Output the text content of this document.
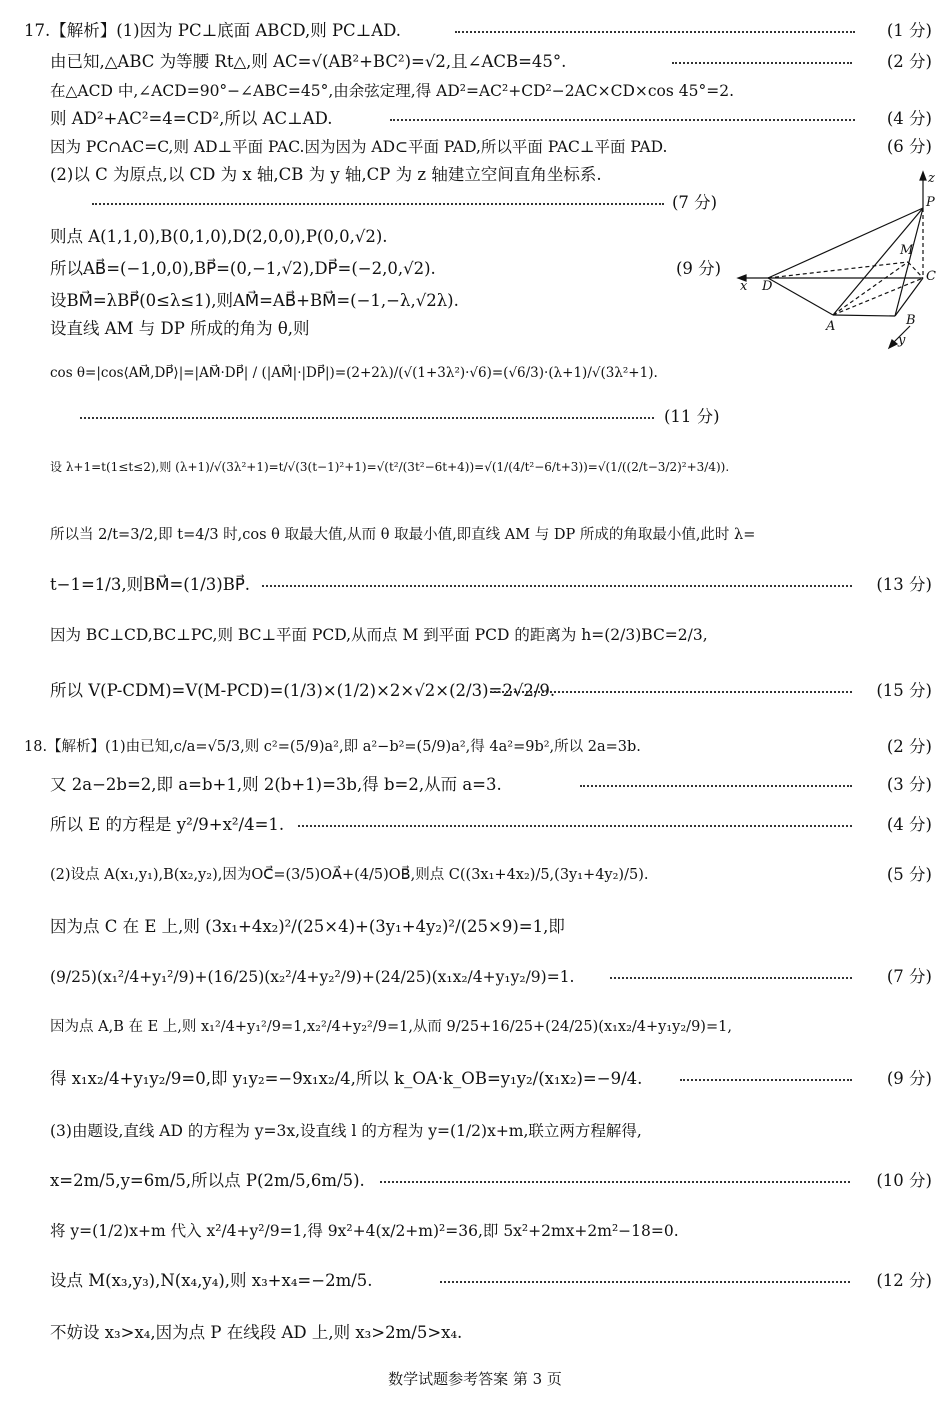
17.【解析】(1)因为 PC⊥底面 ABCD,则 PC⊥AD.	(1 分)
由已知,△ABC 为等腰 Rt△,则 AC=√(AB²+BC²)=√2,且∠ACB=45°.	(2 分)
在△ACD 中,∠ACD=90°−∠ABC=45°,由余弦定理,得 AD²=AC²+CD²−2AC×CD×cos 45°=2.
则 AD²+AC²=4=CD²,所以 AC⊥AD.	(4 分)
因为 PC∩AC=C,则 AD⊥平面 PAC.因为因为 AD⊂平面 PAD,所以平面 PAC⊥平面 PAD.	(6 分)
(2)以 C 为原点,以 CD 为 x 轴,CB 为 y 轴,CP 为 z 轴建立空间直角坐标系.
(7 分)
则点 A(1,1,0),B(0,1,0),D(2,0,0),P(0,0,√2).
所以AB⃗=(−1,0,0),BP⃗=(0,−1,√2),DP⃗=(−2,0,√2).	(9 分)
设BM⃗=λBP⃗(0≤λ≤1),则AM⃗=AB⃗+BM⃗=(−1,−λ,√2λ).
设直线 AM 与 DP 所成的角为 θ,则
cos θ=|cos⟨AM⃗,DP⃗⟩|=|AM⃗·DP⃗| / (|AM⃗|·|DP⃗|)=(2+2λ)/(√(1+3λ²)·√6)=(√6/3)·(λ+1)/√(3λ²+1).
(11 分)
设 λ+1=t(1≤t≤2),则 (λ+1)/√(3λ²+1)=t/√(3(t−1)²+1)=√(t²/(3t²−6t+4))=√(1/(4/t²−6/t+3))=√(1/((2/t−3/2)²+3/4)).
所以当 2/t=3/2,即 t=4/3 时,cos θ 取最大值,从而 θ 取最小值,即直线 AM 与 DP 所成的角取最小值,此时 λ=
t−1=1/3,则BM⃗=(1/3)BP⃗.	(13 分)
因为 BC⊥CD,BC⊥PC,则 BC⊥平面 PCD,从而点 M 到平面 PCD 的距离为 h=(2/3)BC=2/3,
所以 V(P-CDM)=V(M-PCD)=(1/3)×(1/2)×2×√2×(2/3)=2√2/9.	(15 分)
z
P
M
C
x D
A	B
y
18.【解析】(1)由已知,c/a=√5/3,则 c²=(5/9)a²,即 a²−b²=(5/9)a²,得 4a²=9b²,所以 2a=3b.	(2 分)
又 2a−2b=2,即 a=b+1,则 2(b+1)=3b,得 b=2,从而 a=3.	(3 分)
所以 E 的方程是 y²/9+x²/4=1.	(4 分)
(2)设点 A(x₁,y₁),B(x₂,y₂),因为OC⃗=(3/5)OA⃗+(4/5)OB⃗,则点 C((3x₁+4x₂)/5,(3y₁+4y₂)/5).	(5 分)
因为点 C 在 E 上,则 (3x₁+4x₂)²/(25×4)+(3y₁+4y₂)²/(25×9)=1,即
(9/25)(x₁²/4+y₁²/9)+(16/25)(x₂²/4+y₂²/9)+(24/25)(x₁x₂/4+y₁y₂/9)=1.	(7 分)
因为点 A,B 在 E 上,则 x₁²/4+y₁²/9=1,x₂²/4+y₂²/9=1,从而 9/25+16/25+(24/25)(x₁x₂/4+y₁y₂/9)=1,
得 x₁x₂/4+y₁y₂/9=0,即 y₁y₂=−9x₁x₂/4,所以 k_OA·k_OB=y₁y₂/(x₁x₂)=−9/4.	(9 分)
(3)由题设,直线 AD 的方程为 y=3x,设直线 l 的方程为 y=(1/2)x+m,联立两方程解得,
x=2m/5,y=6m/5,所以点 P(2m/5,6m/5).	(10 分)
将 y=(1/2)x+m 代入 x²/4+y²/9=1,得 9x²+4(x/2+m)²=36,即 5x²+2mx+2m²−18=0.
设点 M(x₃,y₃),N(x₄,y₄),则 x₃+x₄=−2m/5.	(12 分)
不妨设 x₃>x₄,因为点 P 在线段 AD 上,则 x₃>2m/5>x₄.
数学试题参考答案 第 3 页
